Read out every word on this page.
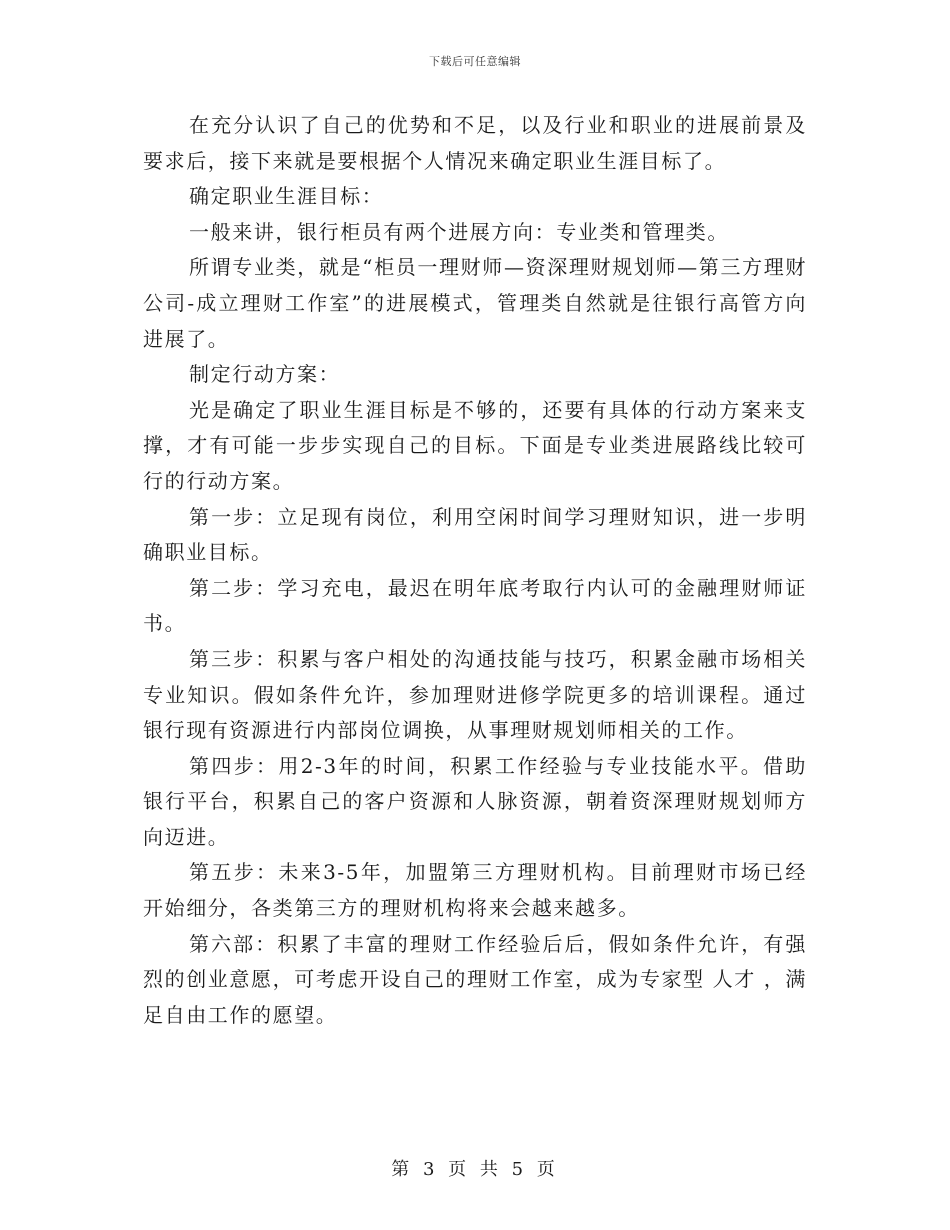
下载后可任意编辑

在充分认识了自己的优势和不足，以及行业和职业的进展前景及要求后，接下来就是要根据个人情况来确定职业生涯目标了。

确定职业生涯目标：

一般来讲，银行柜员有两个进展方向：专业类和管理类。

所谓专业类，就是“柜员一理财师—资深理财规划师—第三方理财公司-成立理财工作室”的进展模式，管理类自然就是往银行高管方向进展了。

制定行动方案：

光是确定了职业生涯目标是不够的，还要有具体的行动方案来支撑，才有可能一步步实现自己的目标。下面是专业类进展路线比较可行的行动方案。

第一步：立足现有岗位，利用空闲时间学习理财知识，进一步明确职业目标。

第二步：学习充电，最迟在明年底考取行内认可的金融理财师证书。

第三步：积累与客户相处的沟通技能与技巧，积累金融市场相关专业知识。假如条件允许，参加理财进修学院更多的培训课程。通过银行现有资源进行内部岗位调换，从事理财规划师相关的工作。

第四步：用2-3年的时间，积累工作经验与专业技能水平。借助银行平台，积累自己的客户资源和人脉资源，朝着资深理财规划师方向迈进。

第五步：未来3-5年，加盟第三方理财机构。目前理财市场已经开始细分，各类第三方的理财机构将来会越来越多。

第六部：积累了丰富的理财工作经验后后，假如条件允许，有强烈的创业意愿，可考虑开设自己的理财工作室，成为专家型 人才 ，满足自由工作的愿望。

第 3 页 共 5 页
